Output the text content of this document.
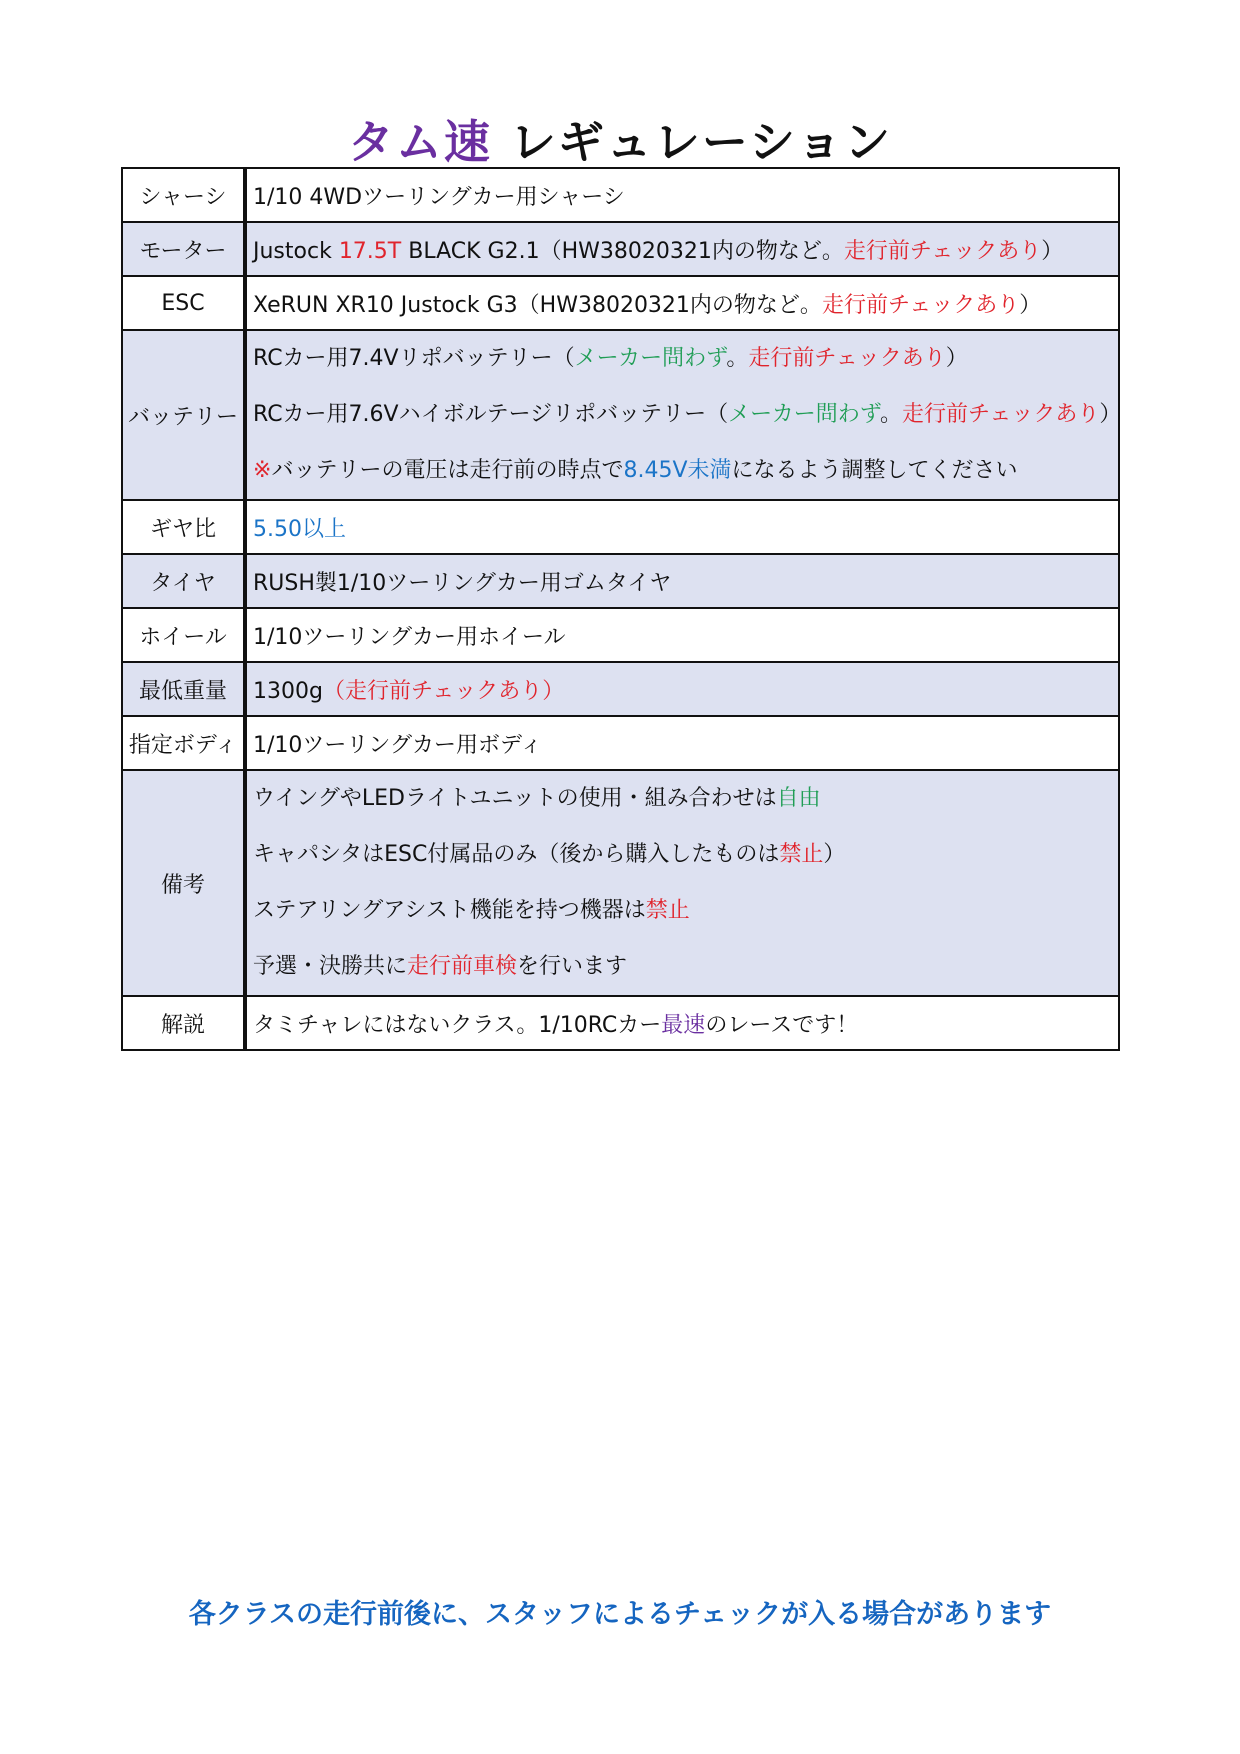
タム速 レギュレーション
シャーシ	1/10 4WDツーリングカー用シャーシ
モーター	Justock 17.5T BLACK G2.1（HW38020321内の物など。走行前チェックあり）
ESC	XeRUN XR10 Justock G3（HW38020321内の物など。走行前チェックあり）
バッテリー	RCカー用7.4Vリポバッテリー（メーカー問わず。走行前チェックあり）
RCカー用7.6Vハイボルテージリポバッテリー（メーカー問わず。走行前チェックあり）
※バッテリーの電圧は走行前の時点で8.45V未満になるよう調整してください

ギヤ比	5.50以上
タイヤ	RUSH製1/10ツーリングカー用ゴムタイヤ
ホイール	1/10ツーリングカー用ホイール
最低重量	1300g（走行前チェックあり）
指定ボディ	1/10ツーリングカー用ボディ
備考	ウイングやLEDライトユニットの使用・組み合わせは自由
キャパシタはESC付属品のみ（後から購入したものは禁止）
ステアリングアシスト機能を持つ機器は禁止
予選・決勝共に走行前車検を行います

解説	タミチャレにはないクラス。1/10RCカー最速のレースです！
各クラスの走行前後に、スタッフによるチェックが入る場合があります
